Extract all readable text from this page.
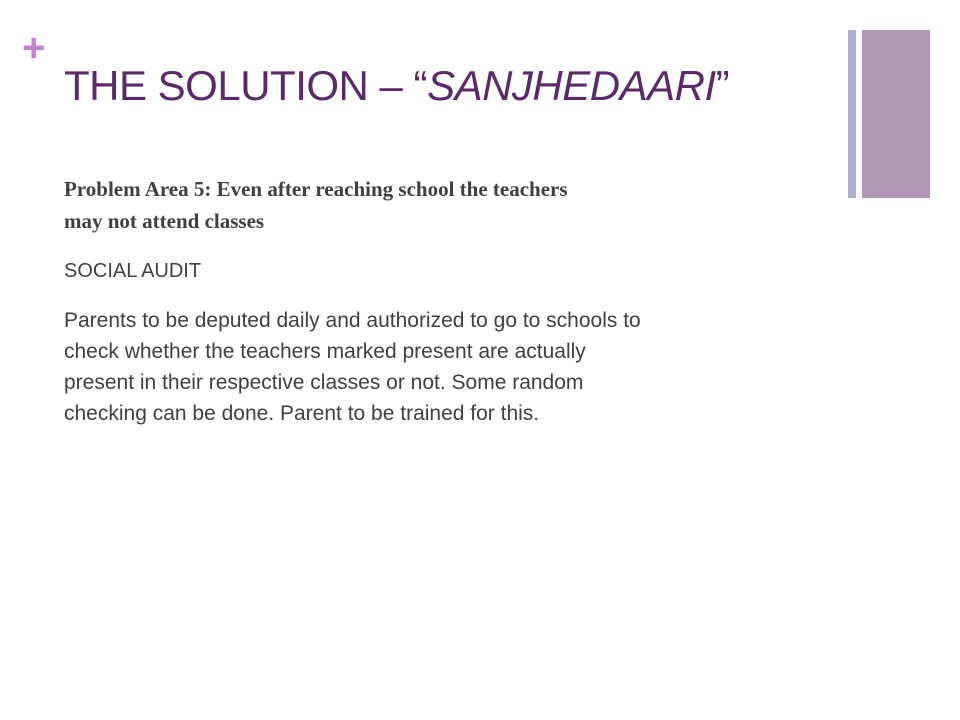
+
THE SOLUTION – “SANJHEDAARI”

Problem Area 5: Even after reaching school the teachers
may not attend classes

SOCIAL AUDIT

Parents to be deputed daily and authorized to go to schools to
check whether the teachers marked present are actually
present in their respective classes or not. Some random
checking can be done. Parent to be trained for this.
